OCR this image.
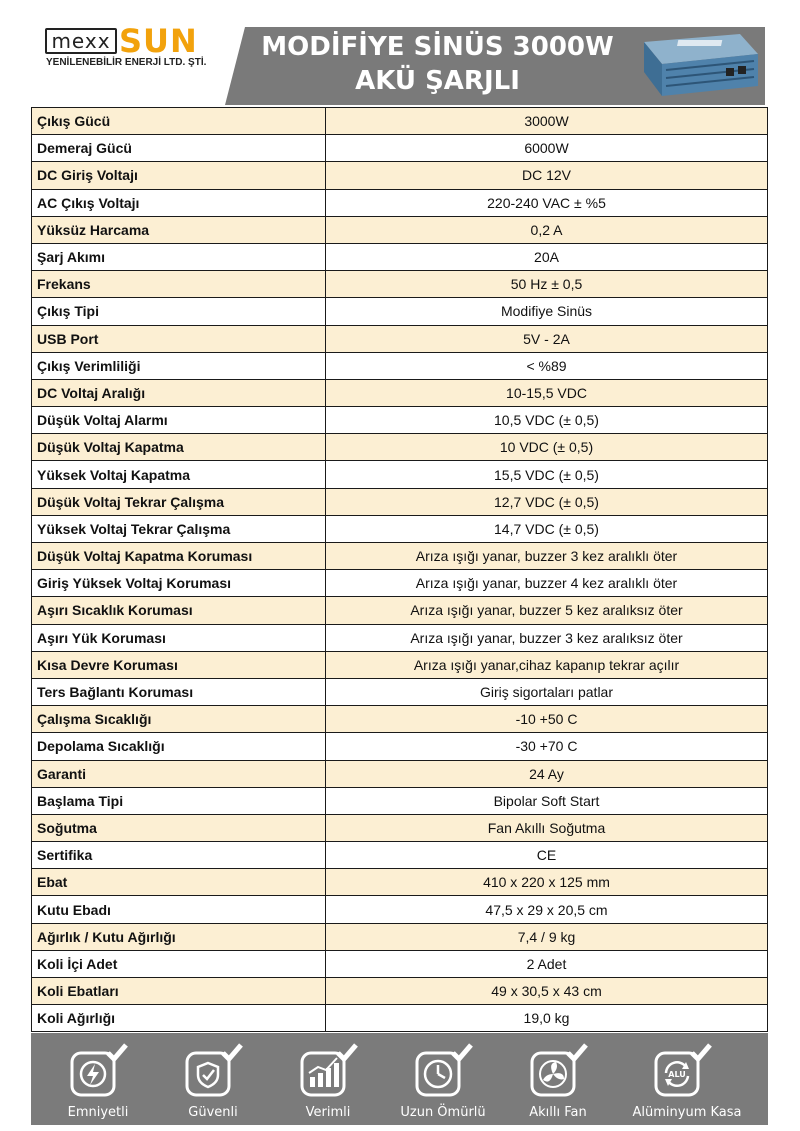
mexx SUN
YENİLENEBİLİR ENERJİ LTD. ŞTİ.
MODİFİYE SİNÜS 3000W
AKÜ ŞARJLI
Çıkış Gücü	3000W
Demeraj Gücü	6000W
DC Giriş Voltajı	DC 12V
AC Çıkış Voltajı	220-240 VAC ± %5
Yüksüz Harcama	0,2 A
Şarj Akımı	20A
Frekans	50 Hz ± 0,5
Çıkış Tipi	Modifiye Sinüs
USB Port	5V - 2A
Çıkış Verimliliği	< %89
DC Voltaj Aralığı	10-15,5 VDC
Düşük Voltaj Alarmı	10,5 VDC (± 0,5)
Düşük Voltaj Kapatma	10 VDC (± 0,5)
Yüksek Voltaj Kapatma	15,5 VDC (± 0,5)
Düşük Voltaj Tekrar Çalışma	12,7 VDC (± 0,5)
Yüksek Voltaj Tekrar Çalışma	14,7 VDC (± 0,5)
Düşük Voltaj Kapatma Koruması	Arıza ışığı yanar, buzzer 3 kez aralıklı öter
Giriş Yüksek Voltaj Koruması	Arıza ışığı yanar, buzzer 4 kez aralıklı öter
Aşırı Sıcaklık Koruması	Arıza ışığı yanar, buzzer 5 kez aralıksız öter
Aşırı Yük Koruması	Arıza ışığı yanar, buzzer 3 kez aralıksız öter
Kısa Devre Koruması	Arıza ışığı yanar,cihaz kapanıp tekrar açılır
Ters Bağlantı Koruması	Giriş sigortaları patlar
Çalışma Sıcaklığı	-10 +50 C
Depolama Sıcaklığı	-30 +70 C
Garanti	24 Ay
Başlama Tipi	Bipolar Soft Start
Soğutma	Fan Akıllı Soğutma
Sertifika	CE
Ebat	410 x 220 x 125 mm
Kutu Ebadı	47,5 x 29 x 20,5 cm
Ağırlık / Kutu Ağırlığı	7,4 / 9 kg
Koli İçi Adet	2 Adet
Koli Ebatları	49 x 30,5 x 43 cm
Koli Ağırlığı	19,0 kg
Emniyetli	Güvenli	Verimli	Uzun Ömürlü	Akıllı Fan
ALU
Alüminyum Kasa
